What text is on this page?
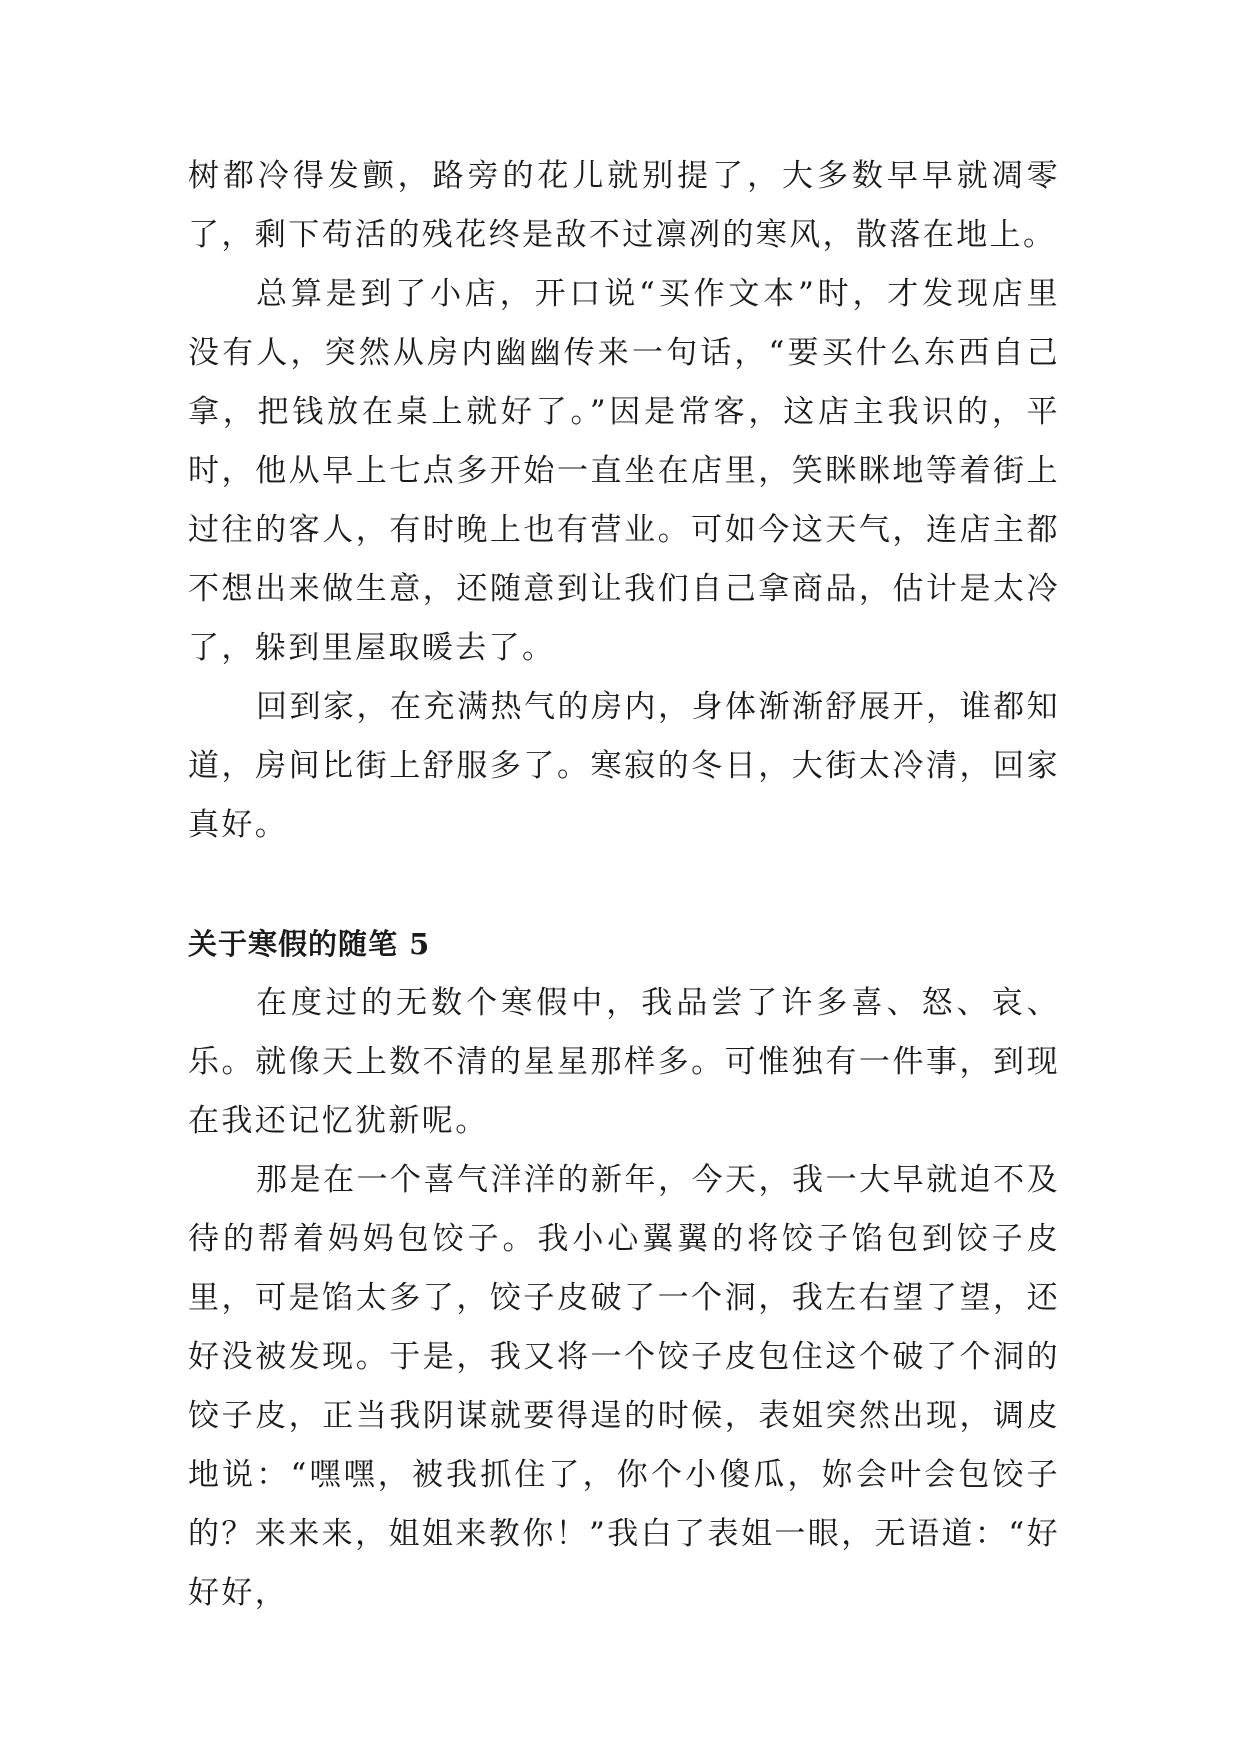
树都冷得发颤，路旁的花儿就别提了，大多数早早就凋零了，剩下苟活的残花终是敌不过凛冽的寒风，散落在地上。

总算是到了小店，开口说“买作文本”时，才发现店里没有人，突然从房内幽幽传来一句话，“要买什么东西自己拿，把钱放在桌上就好了。”因是常客，这店主我识的，平时，他从早上七点多开始一直坐在店里，笑眯眯地等着街上过往的客人，有时晚上也有营业。可如今这天气，连店主都不想出来做生意，还随意到让我们自己拿商品，估计是太冷了，躲到里屋取暖去了。

回到家，在充满热气的房内，身体渐渐舒展开，谁都知道，房间比街上舒服多了。寒寂的冬日，大街太冷清，回家真好。

关于寒假的随笔 5

在度过的无数个寒假中，我品尝了许多喜、怒、哀、乐。就像天上数不清的星星那样多。可惟独有一件事，到现在我还记忆犹新呢。

那是在一个喜气洋洋的新年，今天，我一大早就迫不及待的帮着妈妈包饺子。我小心翼翼的将饺子馅包到饺子皮里，可是馅太多了，饺子皮破了一个洞，我左右望了望，还好没被发现。于是，我又将一个饺子皮包住这个破了个洞的饺子皮，正当我阴谋就要得逞的时候，表姐突然出现，调皮地说：“嘿嘿，被我抓住了，你个小傻瓜，妳会叶会包饺子的？来来来，姐姐来教你！”我白了表姐一眼，无语道：“好好好，
